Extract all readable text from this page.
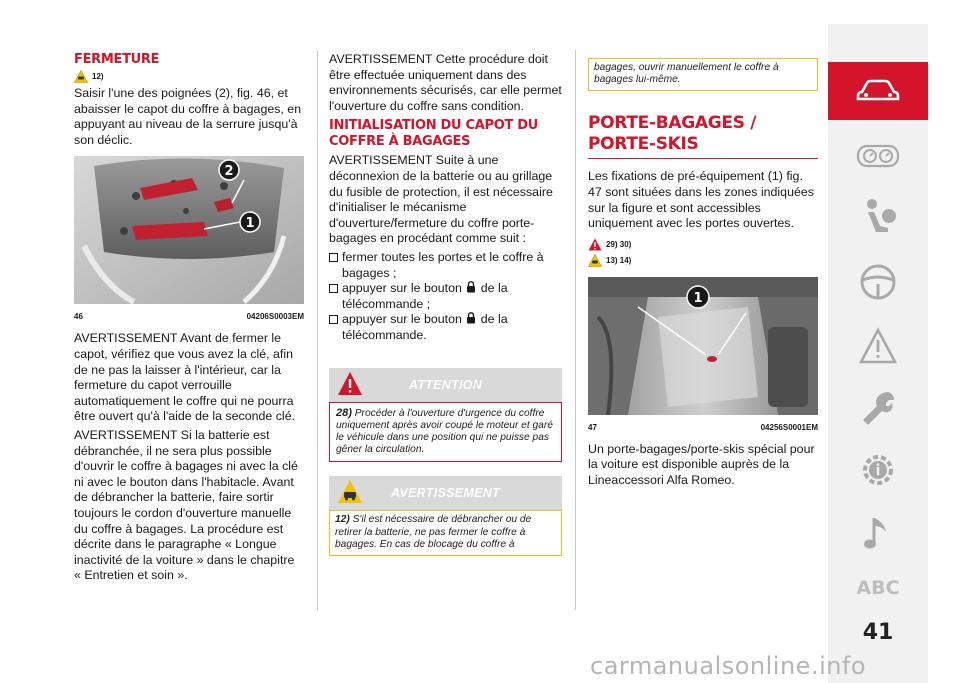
FERMETURE
12)
Saisir l'une des poignées (2), fig. 46, et abaisser le capot du coffre à bagages, en appuyant au niveau de la serrure jusqu'à son déclic.
1
2
46	04206S0003EM
AVERTISSEMENT Avant de fermer le capot, vérifiez que vous avez la clé, afin de ne pas la laisser à l'intérieur, car la fermeture du capot verrouille automatiquement le coffre qui ne pourra être ouvert qu'à l'aide de la seconde clé.
AVERTISSEMENT Si la batterie est débranchée, il ne sera plus possible d'ouvrir le coffre à bagages ni avec la clé ni avec le bouton dans l'habitacle. Avant de débrancher la batterie, faire sortir toujours le cordon d'ouverture manuelle du coffre à bagages. La procédure est décrite dans le paragraphe « Longue inactivité de la voiture » dans le chapitre « Entretien et soin ».
AVERTISSEMENT Cette procédure doit être effectuée uniquement dans des environnements sécurisés, car elle permet l'ouverture du coffre sans condition.
INITIALISATION DU CAPOT DU COFFRE À BAGAGES
AVERTISSEMENT Suite à une déconnexion de la batterie ou au grillage du fusible de protection, il est nécessaire d'initialiser le mécanisme d'ouverture/fermeture du coffre porte-bagages en procédant comme suit :
fermer toutes les portes et le coffre à bagages ;
appuyer sur le bouton de la télécommande ;
appuyer sur le bouton de la télécommande.
ATTENTION
28) Procéder à l'ouverture d'urgence du coffre uniquement après avoir coupé le moteur et garé le véhicule dans une position qui ne puisse pas gêner la circulation.
AVERTISSEMENT
12) S'il est nécessaire de débrancher ou de retirer la batterie, ne pas fermer le coffre à bagages. En cas de blocage du coffre à
bagages, ouvrir manuellement le coffre à bagages lui-même.
PORTE-BAGAGES / PORTE-SKIS
Les fixations de pré-équipement (1) fig. 47 sont situées dans les zones indiquées sur la figure et sont accessibles uniquement avec les portes ouvertes.
29) 30)
13) 14)
1
47	04256S0001EM
Un porte-bagages/porte-skis spécial pour la voiture est disponible auprès de la Lineaccessori Alfa Romeo.
ABC
41
carmanualsonline.info
